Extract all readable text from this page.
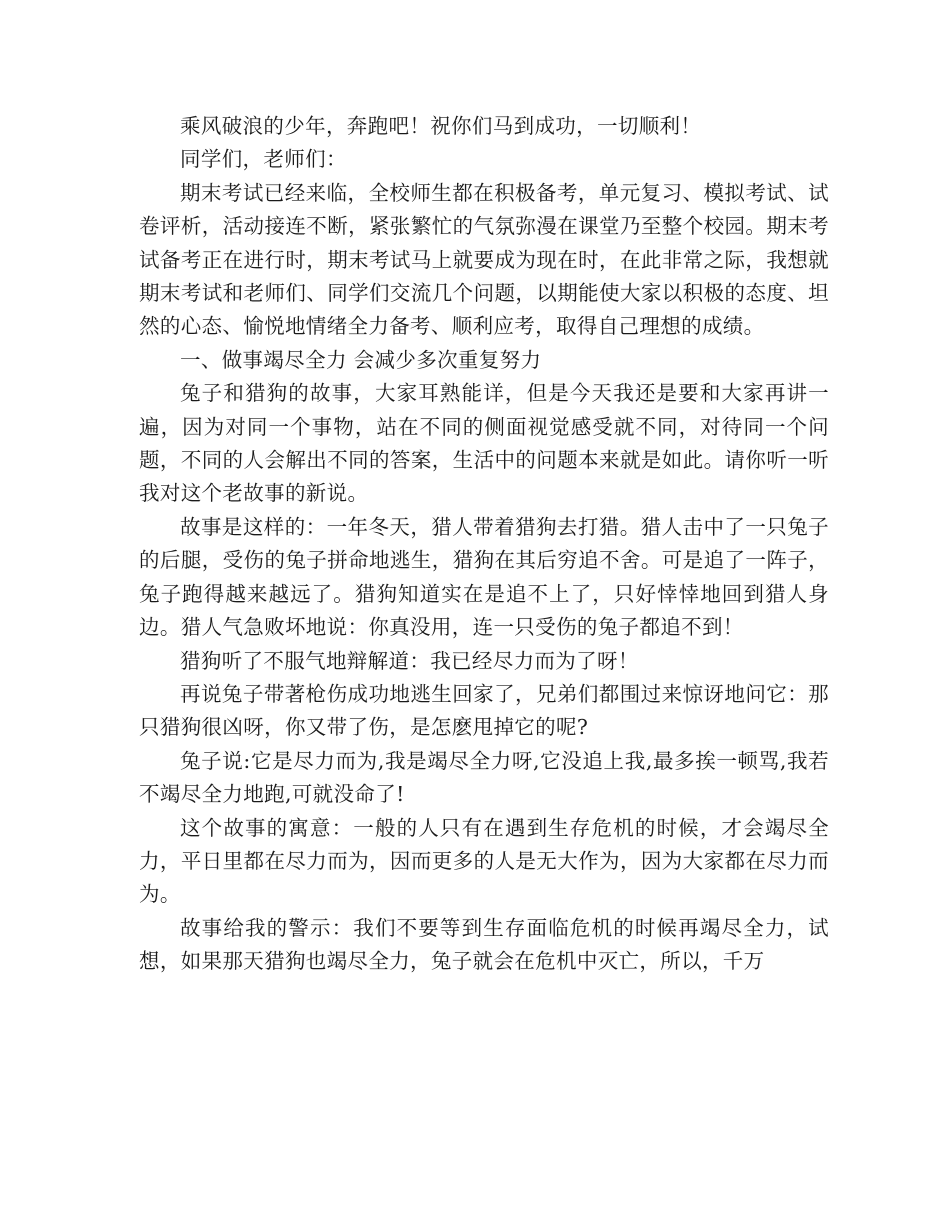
乘风破浪的少年，奔跑吧！祝你们马到成功，一切顺利！

同学们，老师们：

期末考试已经来临，全校师生都在积极备考，单元复习、模拟考试、试卷评析，活动接连不断，紧张繁忙的气氛弥漫在课堂乃至整个校园。期末考试备考正在进行时，期末考试马上就要成为现在时，在此非常之际，我想就期末考试和老师们、同学们交流几个问题，以期能使大家以积极的态度、坦然的心态、愉悦地情绪全力备考、顺利应考，取得自己理想的成绩。

一、做事竭尽全力 会减少多次重复努力

兔子和猎狗的故事，大家耳熟能详，但是今天我还是要和大家再讲一遍，因为对同一个事物，站在不同的侧面视觉感受就不同，对待同一个问题，不同的人会解出不同的答案，生活中的问题本来就是如此。请你听一听我对这个老故事的新说。

故事是这样的：一年冬天，猎人带着猎狗去打猎。猎人击中了一只兔子的后腿，受伤的兔子拼命地逃生，猎狗在其后穷追不舍。可是追了一阵子，兔子跑得越来越远了。猎狗知道实在是追不上了，只好悻悻地回到猎人身边。猎人气急败坏地说：你真没用，连一只受伤的兔子都追不到！

猎狗听了不服气地辩解道：我已经尽力而为了呀！

再说兔子带著枪伤成功地逃生回家了，兄弟们都围过来惊讶地问它：那只猎狗很凶呀，你又带了伤，是怎麽甩掉它的呢?

兔子说:它是尽力而为,我是竭尽全力呀,它没追上我,最多挨一顿骂,我若不竭尽全力地跑,可就没命了!

这个故事的寓意：一般的人只有在遇到生存危机的时候，才会竭尽全力，平日里都在尽力而为，因而更多的人是无大作为，因为大家都在尽力而为。

故事给我的警示：我们不要等到生存面临危机的时候再竭尽全力，试想，如果那天猎狗也竭尽全力，兔子就会在危机中灭亡，所以，千万
